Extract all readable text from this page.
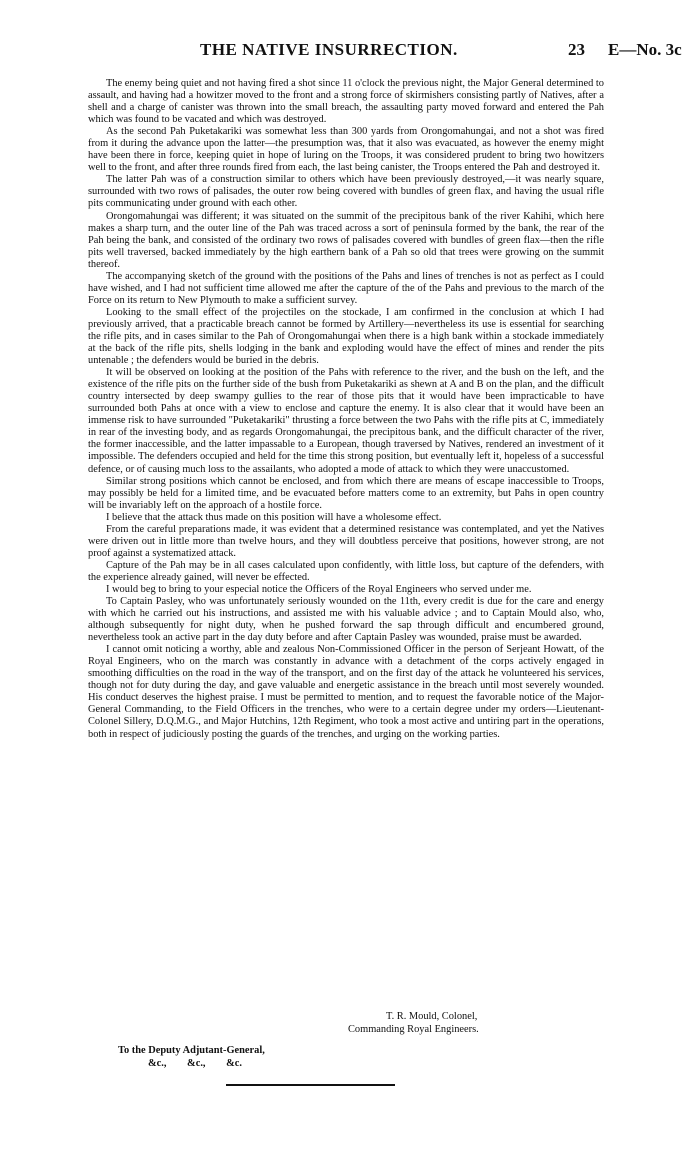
THE NATIVE INSURRECTION.	23 E—No. 3c

The enemy being quiet and not having fired a shot since 11 o'clock the previous night, the Major General determined to assault, and having had a howitzer moved to the front and a strong force of skirmishers consisting partly of Natives, after a shell and a charge of canister was thrown into the small breach, the assaulting party moved forward and entered the Pah which was found to be vacated and which was destroyed.

As the second Pah Puketakariki was somewhat less than 300 yards from Orongomahungai, and not a shot was fired from it during the advance upon the latter—the presumption was, that it also was evacuated, as however the enemy might have been there in force, keeping quiet in hope of luring on the Troops, it was considered prudent to bring two howitzers well to the front, and after three rounds fired from each, the last being canister, the Troops entered the Pah and destroyed it.

The latter Pah was of a construction similar to others which have been previously destroyed,—it was nearly square, surrounded with two rows of palisades, the outer row being covered with bundles of green flax, and having the usual rifle pits communicating under ground with each other.

Orongomahungai was different; it was situated on the summit of the precipitous bank of the river Kahihi, which here makes a sharp turn, and the outer line of the Pah was traced across a sort of peninsula formed by the bank, the rear of the Pah being the bank, and consisted of the ordinary two rows of palisades covered with bundles of green flax—then the rifle pits well traversed, backed immediately by the high earthern bank of a Pah so old that trees were growing on the summit thereof.

The accompanying sketch of the ground with the positions of the Pahs and lines of trenches is not as perfect as I could have wished, and I had not sufficient time allowed me after the capture of the of the Pahs and previous to the march of the Force on its return to New Plymouth to make a sufficient survey.

Looking to the small effect of the projectiles on the stockade, I am confirmed in the conclusion at which I had previously arrived, that a practicable breach cannot be formed by Artillery—nevertheless its use is essential for searching the rifle pits, and in cases similar to the Pah of Orongomahungai when there is a high bank within a stockade immediately at the back of the rifle pits, shells lodging in the bank and exploding would have the effect of mines and render the pits untenable ; the defenders would be buried in the debris.

It will be observed on looking at the position of the Pahs with reference to the river, and the bush on the left, and the existence of the rifle pits on the further side of the bush from Puketakariki as shewn at A and B on the plan, and the difficult country intersected by deep swampy gullies to the rear of those pits that it would have been impracticable to have surrounded both Pahs at once with a view to enclose and capture the enemy. It is also clear that it would have been an immense risk to have surrounded "Puketakariki" thrusting a force between the two Pahs with the rifle pits at C, immediately in rear of the investing body, and as regards Orongomahungai, the precipitous bank, and the difficult character of the river, the former inaccessible, and the latter impassable to a European, though traversed by Natives, rendered an investment of it impossible. The defenders occupied and held for the time this strong position, but eventually left it, hopeless of a successful defence, or of causing much loss to the assailants, who adopted a mode of attack to which they were unaccustomed.

Similar strong positions which cannot be enclosed, and from which there are means of escape inaccessible to Troops, may possibly be held for a limited time, and be evacuated before matters come to an extremity, but Pahs in open country will be invariably left on the approach of a hostile force.

I believe that the attack thus made on this position will have a wholesome effect.

From the careful preparations made, it was evident that a determined resistance was contemplated, and yet the Natives were driven out in little more than twelve hours, and they will doubtless perceive that positions, however strong, are not proof against a systematized attack.

Capture of the Pah may be in all cases calculated upon confidently, with little loss, but capture of the defenders, with the experience already gained, will never be effected.

I would beg to bring to your especial notice the Officers of the Royal Engineers who served under me.

To Captain Pasley, who was unfortunately seriously wounded on the 11th, every credit is due for the care and energy with which he carried out his instructions, and assisted me with his valuable advice ; and to Captain Mould also, who, although subsequently for night duty, when he pushed forward the sap through difficult and encumbered ground, nevertheless took an active part in the day duty before and after Captain Pasley was wounded, praise must be awarded.

I cannot omit noticing a worthy, able and zealous Non-Commissioned Officer in the person of Serjeant Howatt, of the Royal Engineers, who on the march was constantly in advance with a detachment of the corps actively engaged in smoothing difficulties on the road in the way of the transport, and on the first day of the attack he volunteered his services, though not for duty during the day, and gave valuable and energetic assistance in the breach until most severely wounded. His conduct deserves the highest praise. I must be permitted to mention, and to request the favorable notice of the Major-General Commanding, to the Field Officers in the trenches, who were to a certain degree under my orders—Lieutenant-Colonel Sillery, D.Q.M.G., and Major Hutchins, 12th Regiment, who took a most active and untiring part in the operations, both in respect of judiciously posting the guards of the trenches, and urging on the working parties.

T. R. Mould, Colonel,
Commanding Royal Engineers.
To the Deputy Adjutant-General,
&c., &c., &c.
